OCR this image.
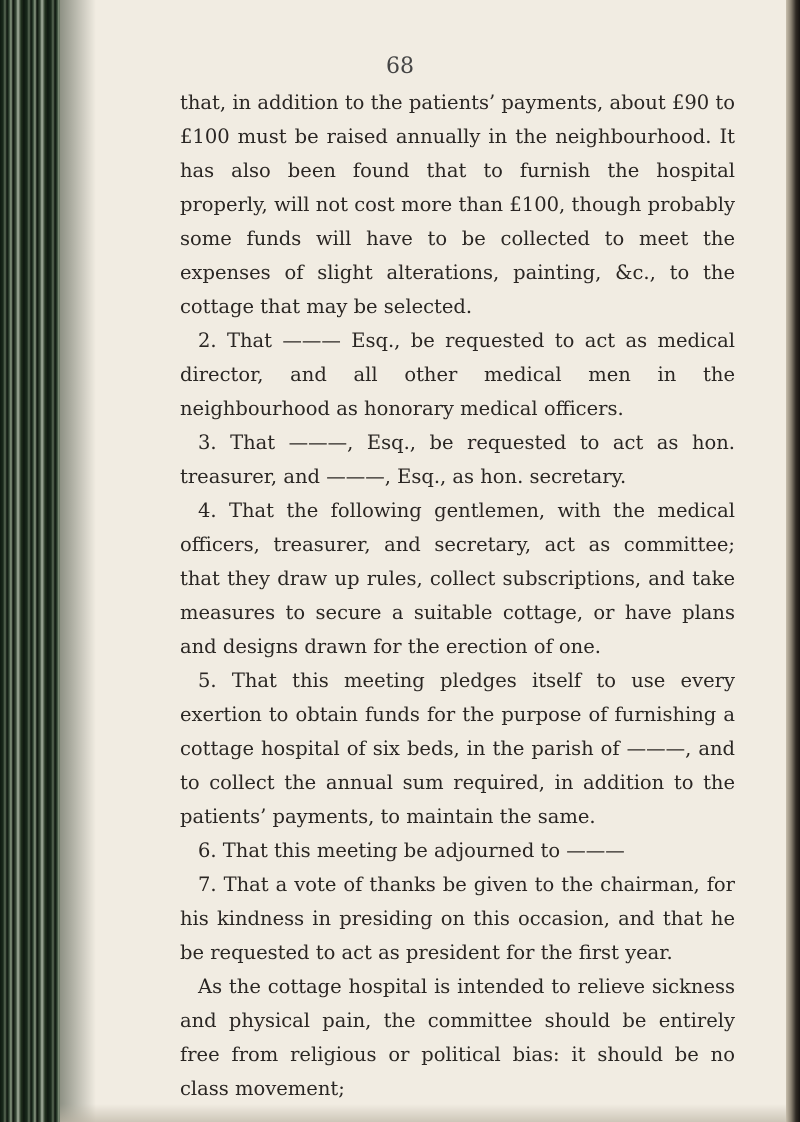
68

that, in addition to the patients’ payments, about £90 to £100 must be raised annually in the neighbourhood. It has also been found that to furnish the hospital properly, will not cost more than £100, though probably some funds will have to be collected to meet the expenses of slight alterations, painting, &c., to the cottage that may be selected.

2. That ——— Esq., be requested to act as medical director, and all other medical men in the neighbourhood as honorary medical officers.

3. That ———, Esq., be requested to act as hon. treasurer, and ———, Esq., as hon. secretary.

4. That the following gentlemen, with the medical officers, treasurer, and secretary, act as committee; that they draw up rules, collect subscriptions, and take measures to secure a suitable cottage, or have plans and designs drawn for the erection of one.

5. That this meeting pledges itself to use every exertion to obtain funds for the purpose of furnishing a cottage hospital of six beds, in the parish of ———, and to collect the annual sum required, in addition to the patients’ payments, to maintain the same.

6. That this meeting be adjourned to ———

7. That a vote of thanks be given to the chairman, for his kindness in presiding on this occasion, and that he be requested to act as president for the first year.

As the cottage hospital is intended to relieve sickness and physical pain, the committee should be entirely free from religious or political bias: it should be no class movement;
